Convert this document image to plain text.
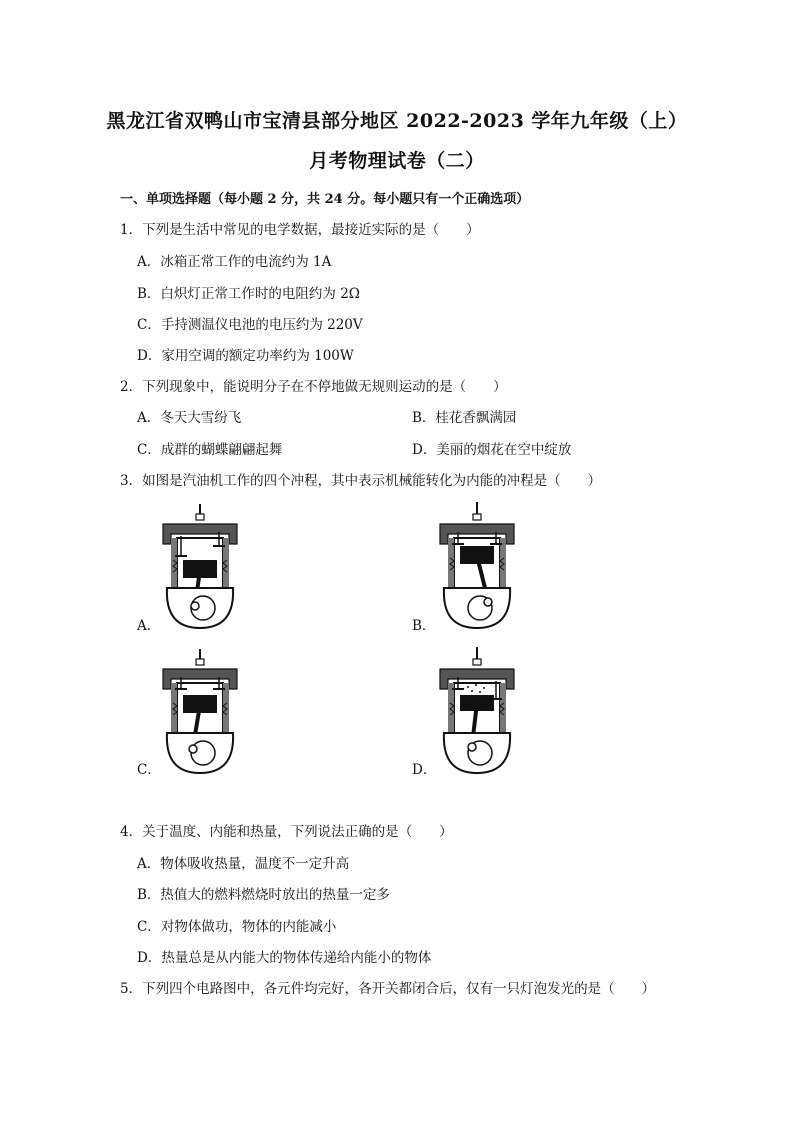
黑龙江省双鸭山市宝清县部分地区 2022-2023 学年九年级（上）
月考物理试卷（二）
一、单项选择题（每小题 2 分，共 24 分。每小题只有一个正确选项）
1．下列是生活中常见的电学数据，最接近实际的是（　　）
A．冰箱正常工作的电流约为 1A
B．白炽灯正常工作时的电阻约为 2Ω
C．手持测温仪电池的电压约为 220V
D．家用空调的额定功率约为 100W
2．下列现象中，能说明分子在不停地做无规则运动的是（　　）
A．冬天大雪纷飞	B．桂花香飘满园
C．成群的蝴蝶翩翩起舞	D．美丽的烟花在空中绽放
3．如图是汽油机工作的四个冲程，其中表示机械能转化为内能的冲程是（　　）
A．	B．
C．	D．
4．关于温度、内能和热量，下列说法正确的是（　　）
A．物体吸收热量，温度不一定升高
B．热值大的燃料燃烧时放出的热量一定多
C．对物体做功，物体的内能减小
D．热量总是从内能大的物体传递给内能小的物体
5．下列四个电路图中，各元件均完好，各开关都闭合后，仅有一只灯泡发光的是（　　）
